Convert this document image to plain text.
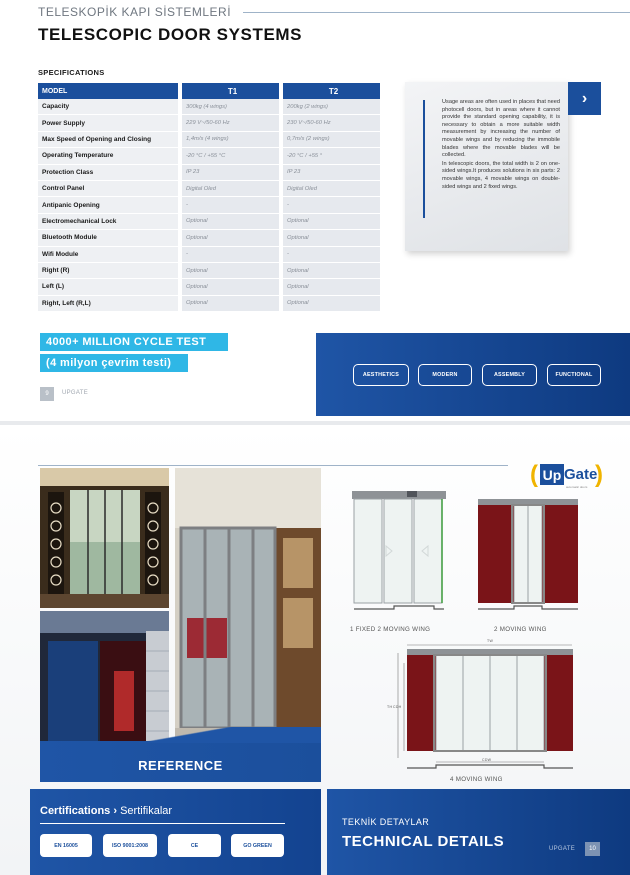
TELESKOPİK KAPI SİSTEMLERİ
TELESCOPIC DOOR SYSTEMS
SPECIFICATIONS
MODEL	T1	T2
Capacity	300kg (4 wings)	200kg (2 wings)
Power Supply	229 V~/50-60 Hz	230 V~/50-60 Hz
Max Speed of Opening and Closing	1,4m/s (4 wings)	0,7m/s (2 wings)
Operating Temperature	-20 °C / +55 °C	-20 °C / +55 °
Protection Class	IP 23	IP 23
Control Panel	Digital Oled	Digital Oled
Antipanic Opening	-	-
Electromechanical Lock	Optional	Optional
Bluetooth Module	Optional	Optional
Wifi Module	-	-
Right (R)	Optional	Optional
Left (L)	Optional	Optional
Right, Left (R,L)	Optional	Optional

Usage areas are often used in places that need photocell doors, but in areas where it cannot provide the standard opening capability, it is necessary to obtain a more suitable width measurement by increasing the number of movable wings and by reducing the immobile blades where the movable blades will be collected.

In telescopic doors, the total width is 2 on one-sided wings.It produces solutions in six parts: 2 movable wings, 4 movable wings on double-sided wings and 2 fixed wings.

›
4000+ MILLION CYCLE TEST
(4 milyon çevrim testi)
9	UPGATE
AESTHETICS	MODERN	ASSEMBLY	FUNCTIONAL
( Up Gate
)
automatic doors
REFERENCE
1 FIXED 2 MOVING WING	2 MOVING WING
TW
TH CDH
CDW
4 MOVING WING
Certifications › Sertifikalar
EN 16005	ISO 9001:2008	CE	GO GREEN
TEKNİK DETAYLAR
TECHNICAL DETAILS	UPGATE	10
